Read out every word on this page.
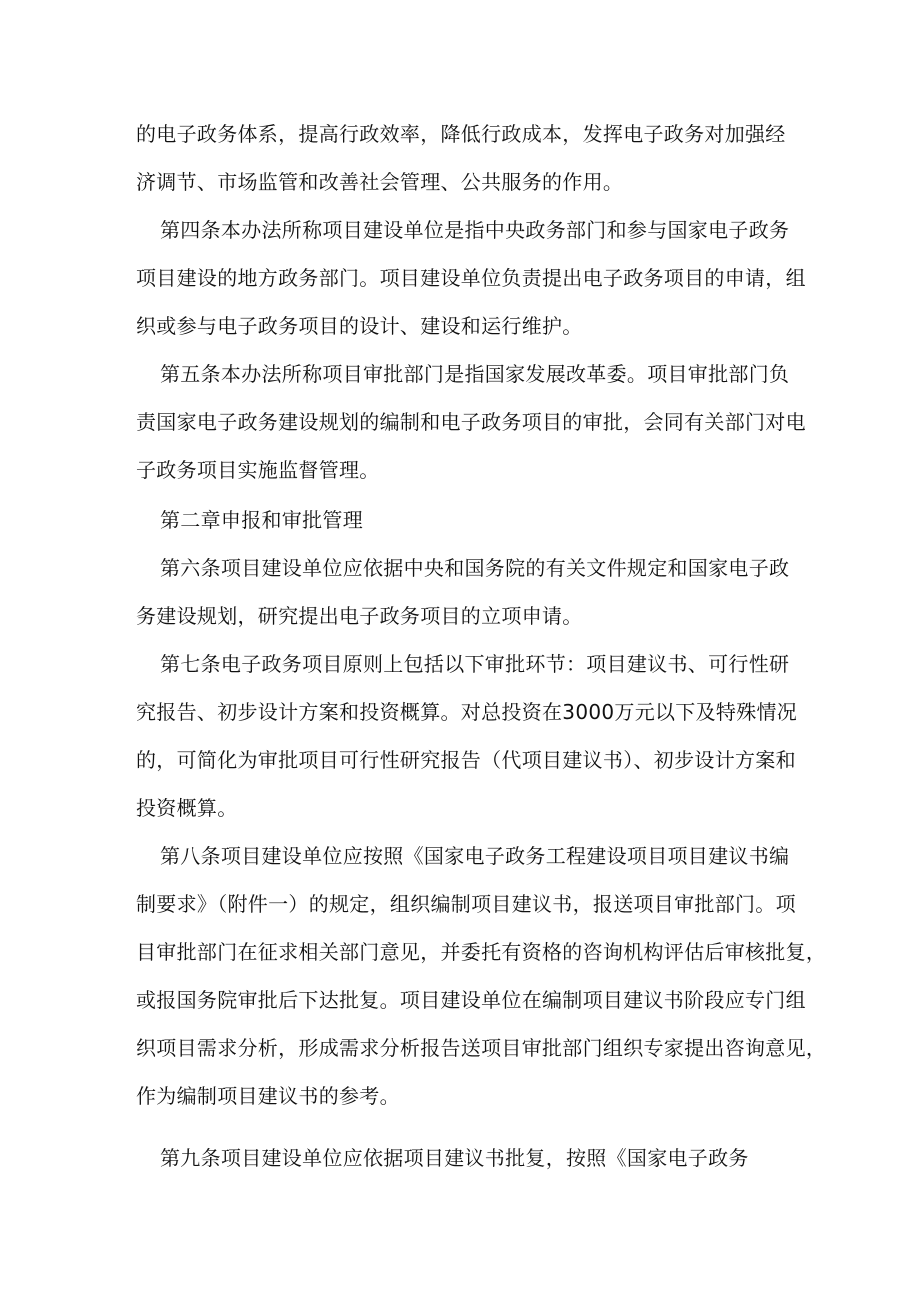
的电子政务体系，提高行政效率，降低行政成本，发挥电子政务对加强经
济调节、市场监管和改善社会管理、公共服务的作用。
第四条本办法所称项目建设单位是指中央政务部门和参与国家电子政务
项目建设的地方政务部门。项目建设单位负责提出电子政务项目的申请，组
织或参与电子政务项目的设计、建设和运行维护。
第五条本办法所称项目审批部门是指国家发展改革委。项目审批部门负
责国家电子政务建设规划的编制和电子政务项目的审批，会同有关部门对电
子政务项目实施监督管理。
第二章申报和审批管理
第六条项目建设单位应依据中央和国务院的有关文件规定和国家电子政
务建设规划，研究提出电子政务项目的立项申请。
第七条电子政务项目原则上包括以下审批环节：项目建议书、可行性研
究报告、初步设计方案和投资概算。对总投资在3000万元以下及特殊情况
的，可简化为审批项目可行性研究报告（代项目建议书）、初步设计方案和
投资概算。
第八条项目建设单位应按照《国家电子政务工程建设项目项目建议书编
制要求》（附件一）的规定，组织编制项目建议书，报送项目审批部门。项
目审批部门在征求相关部门意见，并委托有资格的咨询机构评估后审核批复，
或报国务院审批后下达批复。项目建设单位在编制项目建议书阶段应专门组
织项目需求分析，形成需求分析报告送项目审批部门组织专家提出咨询意见，
作为编制项目建议书的参考。
第九条项目建设单位应依据项目建议书批复，按照《国家电子政务
